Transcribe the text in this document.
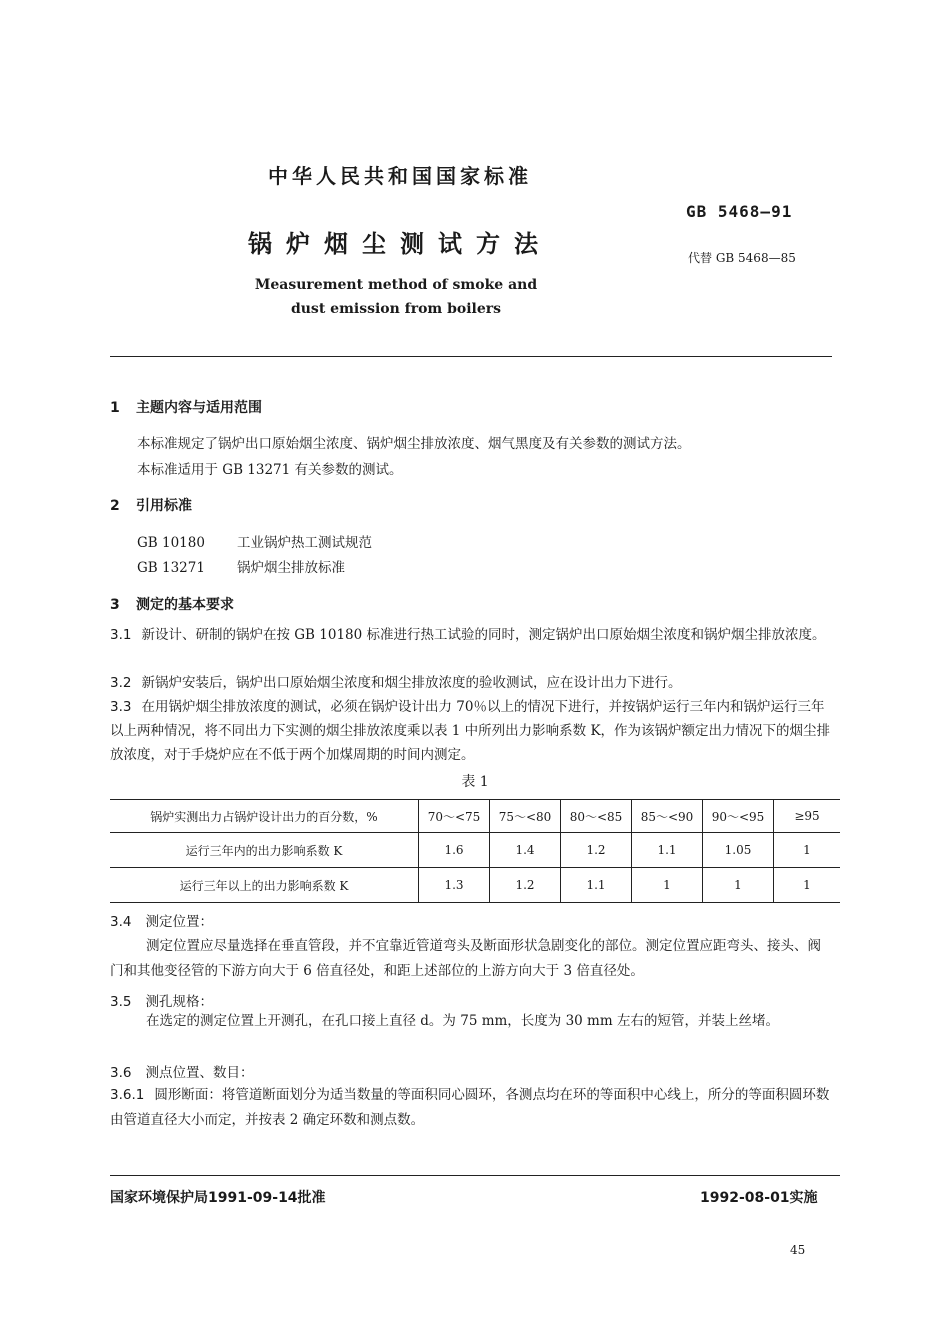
中华人民共和国国家标准
GB 5468—91
锅炉烟尘测试方法	代替 GB 5468—85
Measurement method of smoke and
dust emission from boilers
1 主题内容与适用范围
本标准规定了锅炉出口原始烟尘浓度、锅炉烟尘排放浓度、烟气黑度及有关参数的测试方法。
本标准适用于 GB 13271 有关参数的测试。
2 引用标准
GB 10180 工业锅炉热工测试规范
GB 13271 锅炉烟尘排放标准
3 测定的基本要求
3.1 新设计、研制的锅炉在按 GB 10180 标准进行热工试验的同时，测定锅炉出口原始烟尘浓度和锅炉烟尘排放浓度。
3.2 新锅炉安装后，锅炉出口原始烟尘浓度和烟尘排放浓度的验收测试，应在设计出力下进行。
3.3 在用锅炉烟尘排放浓度的测试，必须在锅炉设计出力 70％以上的情况下进行，并按锅炉运行三年内和锅炉运行三年以上两种情况，将不同出力下实测的烟尘排放浓度乘以表 1 中所列出力影响系数 K，作为该锅炉额定出力情况下的烟尘排放浓度，对于手烧炉应在不低于两个加煤周期的时间内测定。
表 1
锅炉实测出力占锅炉设计出力的百分数，%	70～<75	75～<80	80～<85	85～<90	90～<95	≥95
运行三年内的出力影响系数 K	1.6	1.4	1.2	1.1	1.05	1
运行三年以上的出力影响系数 K	1.3	1.2	1.1	1	1	1
3.4 测定位置：
测定位置应尽量选择在垂直管段，并不宜靠近管道弯头及断面形状急剧变化的部位。测定位置应距弯头、接头、阀门和其他变径管的下游方向大于 6 倍直径处，和距上述部位的上游方向大于 3 倍直径处。
3.5 测孔规格：
在选定的测定位置上开测孔，在孔口接上直径 d。为 75 mm，长度为 30 mm 左右的短管，并装上丝堵。
3.6 测点位置、数目：
3.6.1 圆形断面：将管道断面划分为适当数量的等面积同心圆环，各测点均在环的等面积中心线上，所分的等面积圆环数由管道直径大小而定，并按表 2 确定环数和测点数。
国家环境保护局1991-09-14批准	1992-08-01实施
45
